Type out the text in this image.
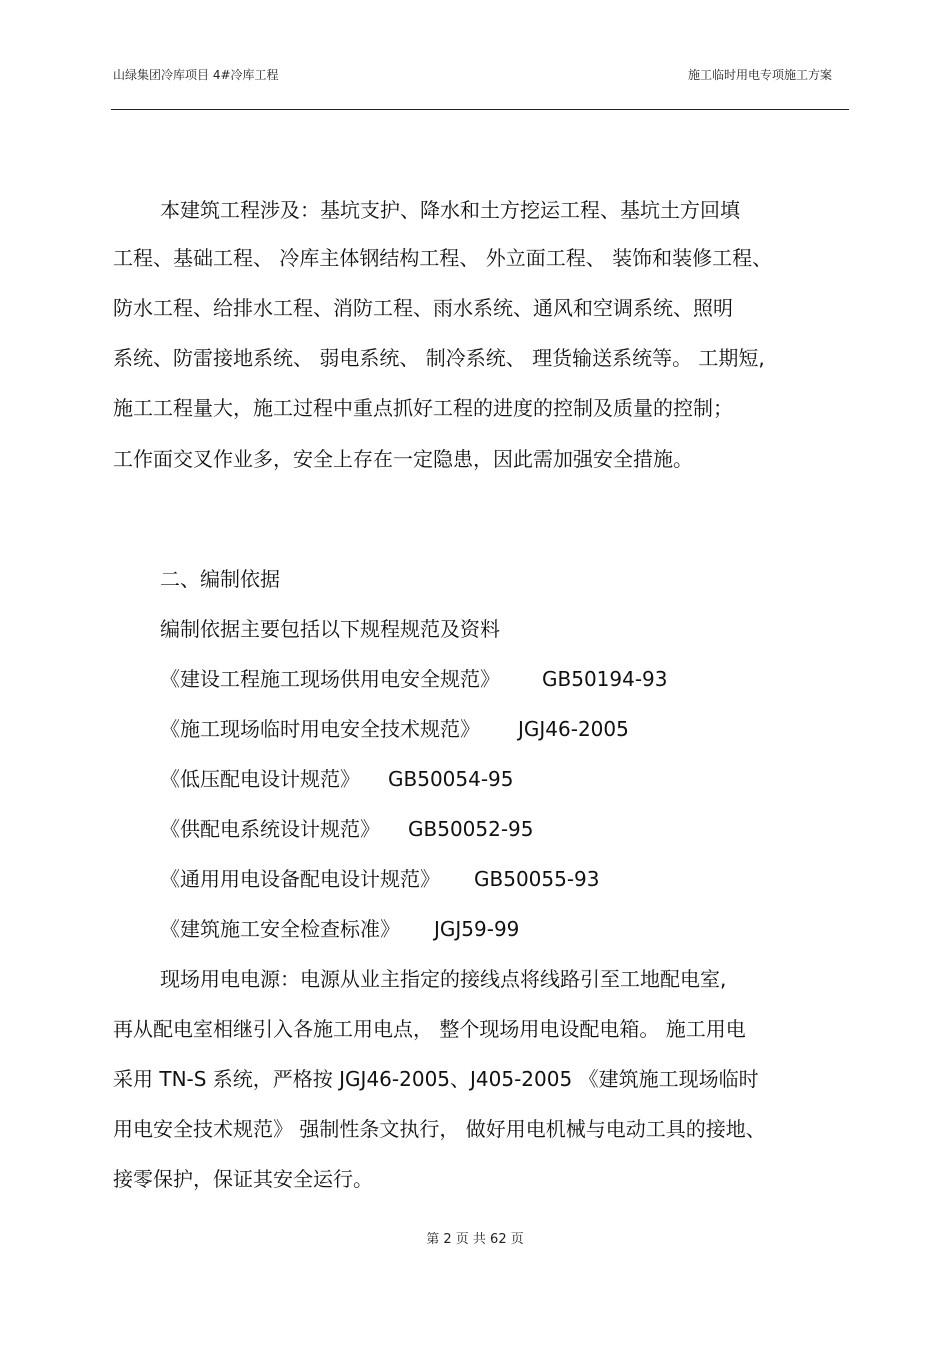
山绿集团冷库项目 4#冷库工程	施工临时用电专项施工方案
本建筑工程涉及：基坑支护、降水和土方挖运工程、基坑土方回填
工程、基础工程、 冷库主体钢结构工程、 外立面工程、 装饰和装修工程、
防水工程、给排水工程、消防工程、雨水系统、通风和空调系统、照明
系统、防雷接地系统、 弱电系统、 制冷系统、 理货输送系统等。 工期短,
施工工程量大，施工过程中重点抓好工程的进度的控制及质量的控制；
工作面交叉作业多，安全上存在一定隐患，因此需加强安全措施。
二、编制依据
编制依据主要包括以下规程规范及资料
《建设工程施工现场供用电安全规范》 GB50194-93
《施工现场临时用电安全技术规范》 JGJ46-2005
《低压配电设计规范》 GB50054-95
《供配电系统设计规范》 GB50052-95
《通用用电设备配电设计规范》 GB50055-93
《建筑施工安全检查标准》 JGJ59-99
现场用电电源：电源从业主指定的接线点将线路引至工地配电室,
再从配电室相继引入各施工用电点， 整个现场用电设配电箱。 施工用电
采用 TN-S 系统，严格按 JGJ46-2005、J405-2005 《建筑施工现场临时
用电安全技术规范》 强制性条文执行， 做好用电机械与电动工具的接地、
接零保护，保证其安全运行。
第 2 页 共 62 页
